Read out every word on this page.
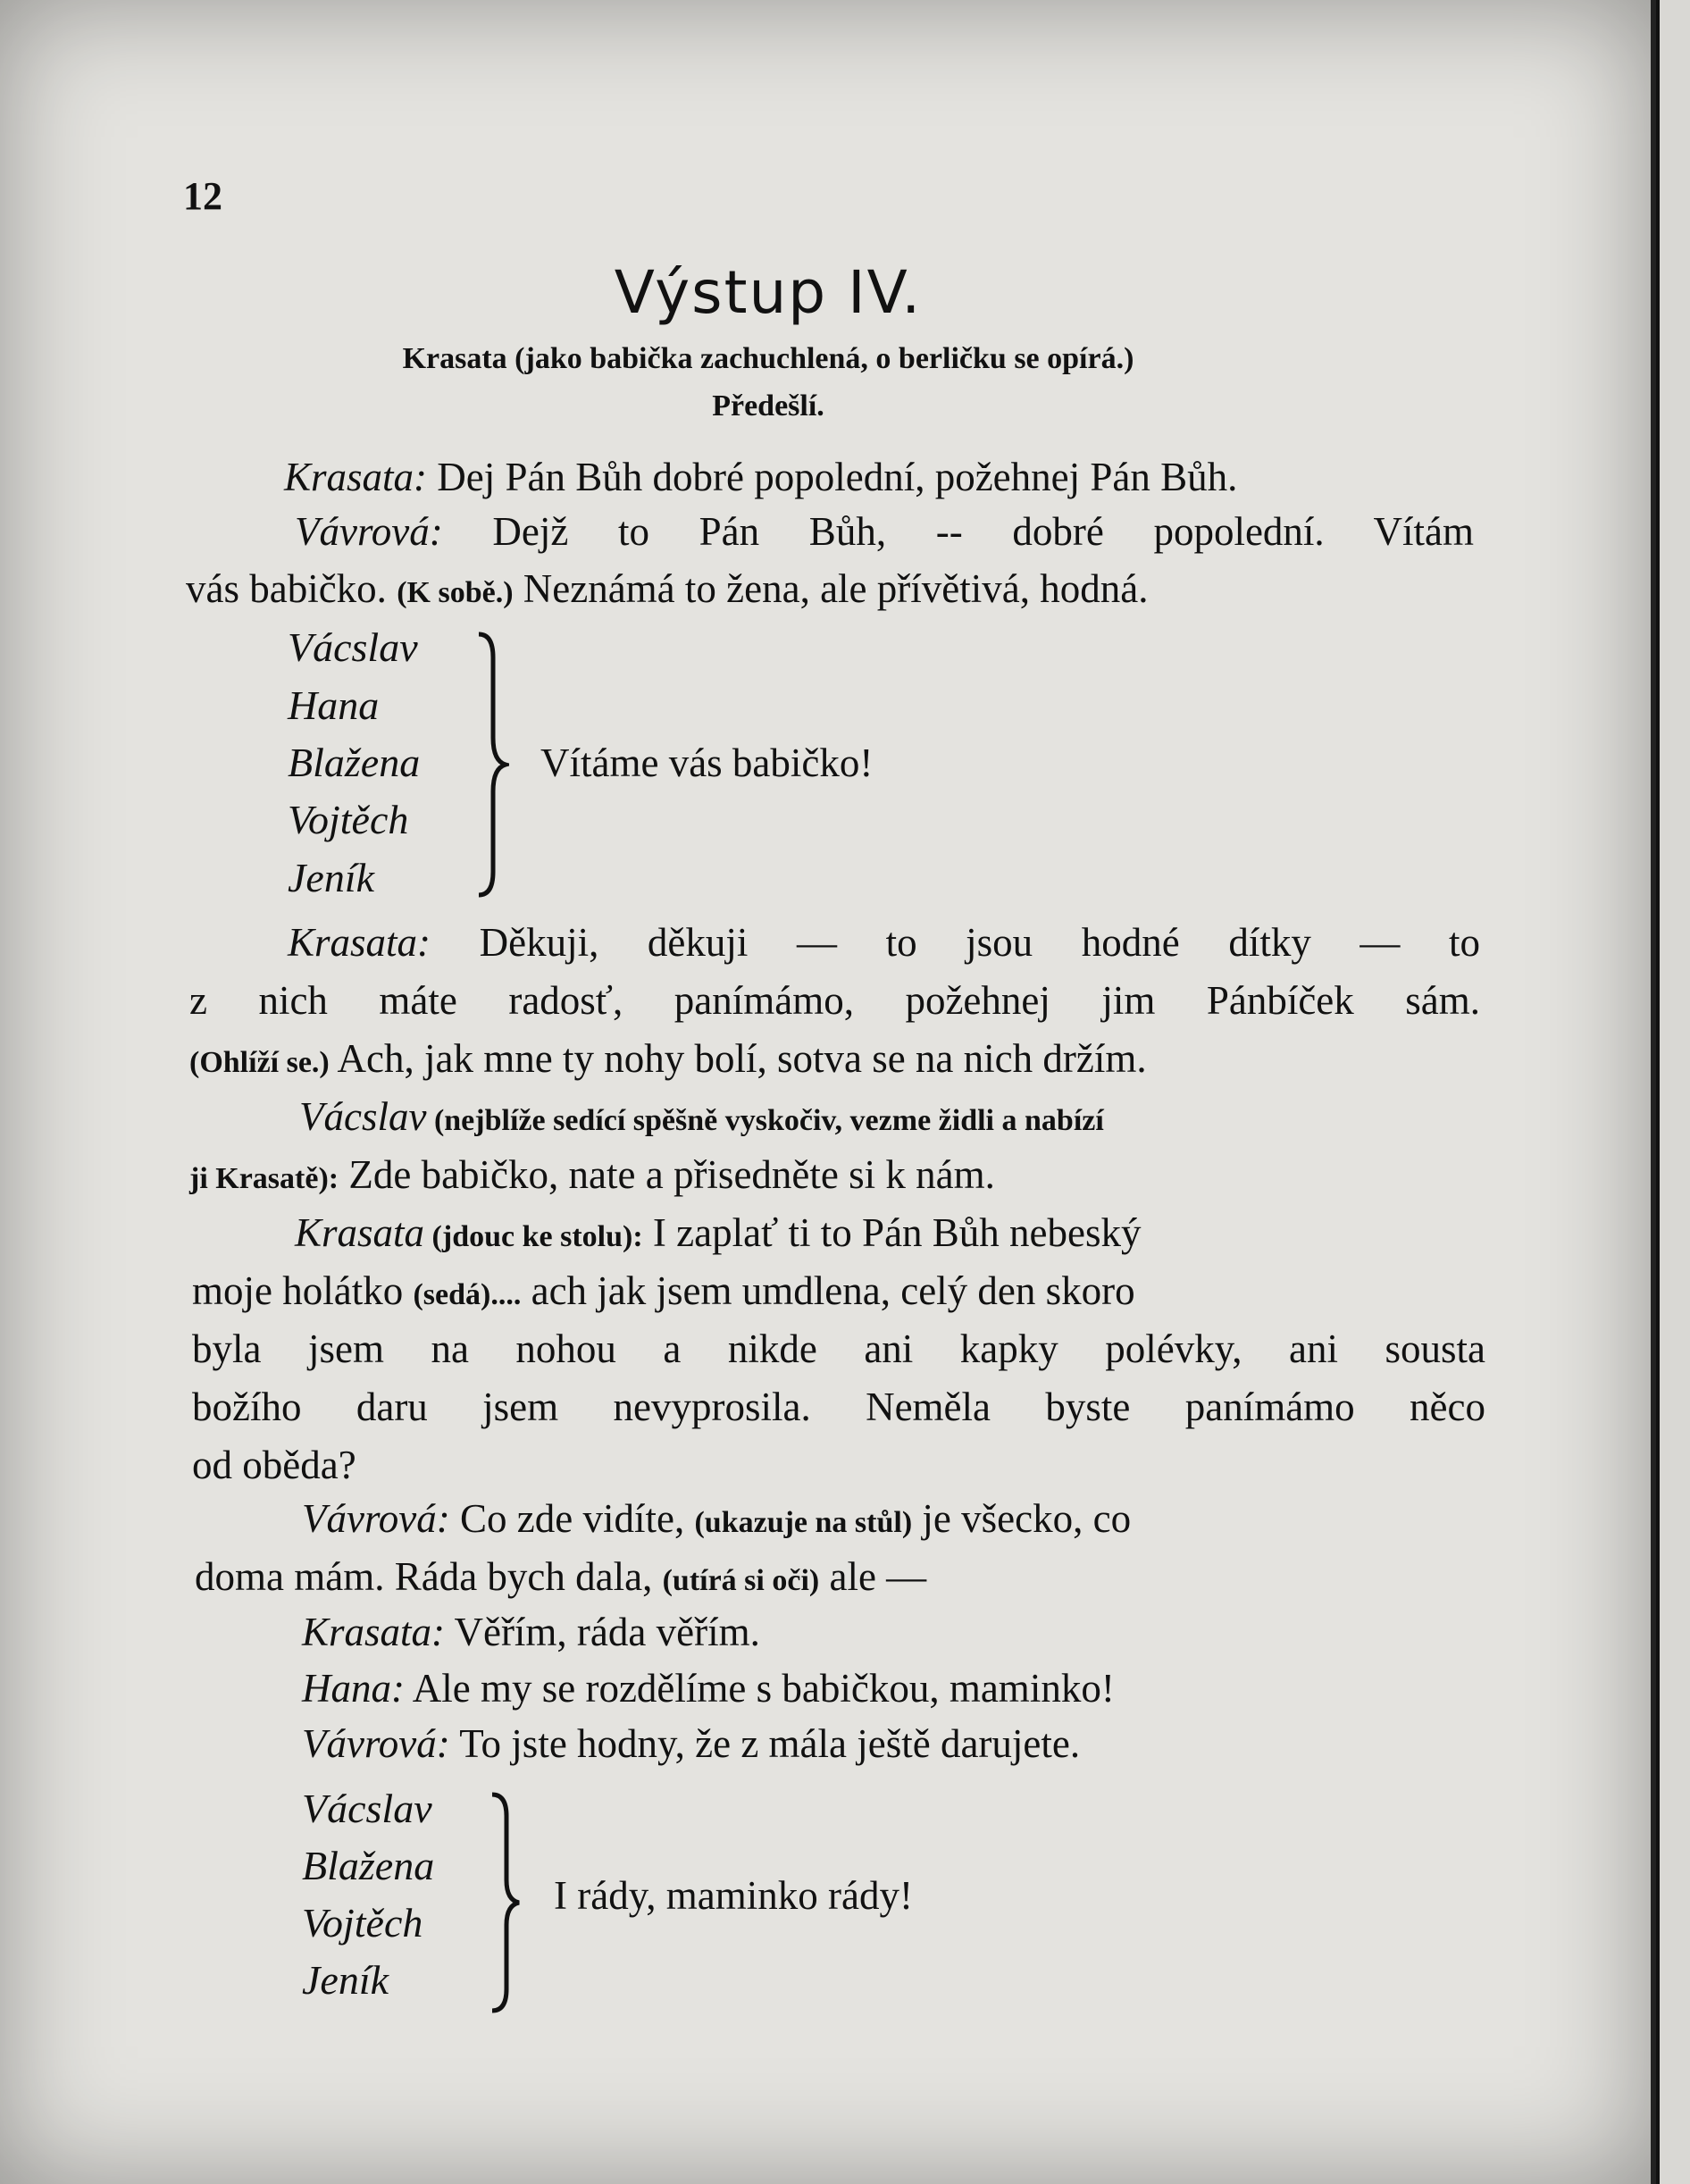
12
Výstup IV.
Krasata (jako babička zachuchlená, o berličku se opírá.)
Předešlí.
Krasata: Dej Pán Bůh dobré popolední, požehnej Pán Bůh.
Vávrová: Dejž to Pán Bůh, -- dobré popolední. Vítám
vás babičko. (K sobě.) Neznámá to žena, ale přívětivá, hodná.
Vácslav
Hana
Blažena
Vojtěch
Jeník
Vítáme vás babičko!
Krasata: Děkuji, děkuji — to jsou hodné dítky — to
z nich máte radosť, panímámo, požehnej jim Pánbíček sám.
(Ohlíží se.) Ach, jak mne ty nohy bolí, sotva se na nich držím.
Vácslav (nejblíže sedící spěšně vyskočiv, vezme židli a nabízí
ji Krasatě): Zde babičko, nate a přisedněte si k nám.
Krasata (jdouc ke stolu): I zaplať ti to Pán Bůh nebeský
moje holátko (sedá).... ach jak jsem umdlena, celý den skoro
byla jsem na nohou a nikde ani kapky polévky, ani sousta
božího daru jsem nevyprosila. Neměla byste panímámo něco
od oběda?
Vávrová: Co zde vidíte, (ukazuje na stůl) je všecko, co
doma mám. Ráda bych dala, (utírá si oči) ale —
Krasata: Věřím, ráda věřím.
Hana: Ale my se rozdělíme s babičkou, maminko!
Vávrová: To jste hodny, že z mála ještě darujete.
Vácslav
Blažena
Vojtěch
Jeník
I rády, maminko rády!
